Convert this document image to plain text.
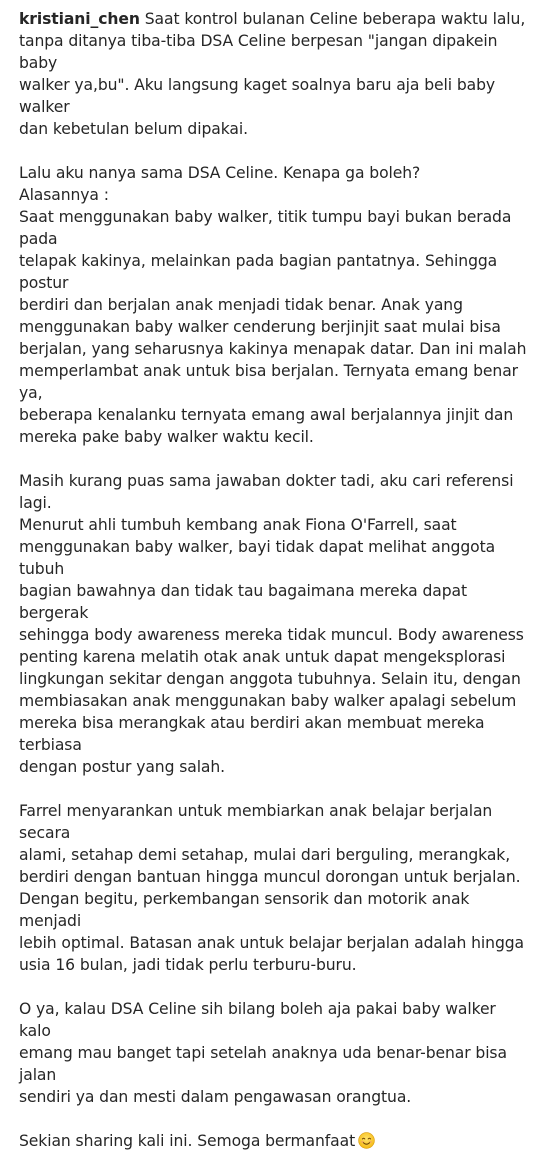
kristiani_chen Saat kontrol bulanan Celine beberapa waktu lalu,
tanpa ditanya tiba-tiba DSA Celine berpesan "jangan dipakein baby
walker ya,bu". Aku langsung kaget soalnya baru aja beli baby walker
dan kebetulan belum dipakai.
Lalu aku nanya sama DSA Celine. Kenapa ga boleh?
Alasannya :
Saat menggunakan baby walker, titik tumpu bayi bukan berada pada
telapak kakinya, melainkan pada bagian pantatnya. Sehingga postur
berdiri dan berjalan anak menjadi tidak benar. Anak yang
menggunakan baby walker cenderung berjinjit saat mulai bisa
berjalan, yang seharusnya kakinya menapak datar. Dan ini malah
memperlambat anak untuk bisa berjalan. Ternyata emang benar ya,
beberapa kenalanku ternyata emang awal berjalannya jinjit dan
mereka pake baby walker waktu kecil.
Masih kurang puas sama jawaban dokter tadi, aku cari referensi lagi.
Menurut ahli tumbuh kembang anak Fiona O'Farrell, saat
menggunakan baby walker, bayi tidak dapat melihat anggota tubuh
bagian bawahnya dan tidak tau bagaimana mereka dapat bergerak
sehingga body awareness mereka tidak muncul. Body awareness
penting karena melatih otak anak untuk dapat mengeksplorasi
lingkungan sekitar dengan anggota tubuhnya. Selain itu, dengan
membiasakan anak menggunakan baby walker apalagi sebelum
mereka bisa merangkak atau berdiri akan membuat mereka terbiasa
dengan postur yang salah.
Farrel menyarankan untuk membiarkan anak belajar berjalan secara
alami, setahap demi setahap, mulai dari berguling, merangkak,
berdiri dengan bantuan hingga muncul dorongan untuk berjalan.
Dengan begitu, perkembangan sensorik dan motorik anak menjadi
lebih optimal. Batasan anak untuk belajar berjalan adalah hingga
usia 16 bulan, jadi tidak perlu terburu-buru.
O ya, kalau DSA Celine sih bilang boleh aja pakai baby walker kalo
emang mau banget tapi setelah anaknya uda benar-benar bisa jalan
sendiri ya dan mesti dalam pengawasan orangtua.
Sekian sharing kali ini. Semoga bermanfaat
